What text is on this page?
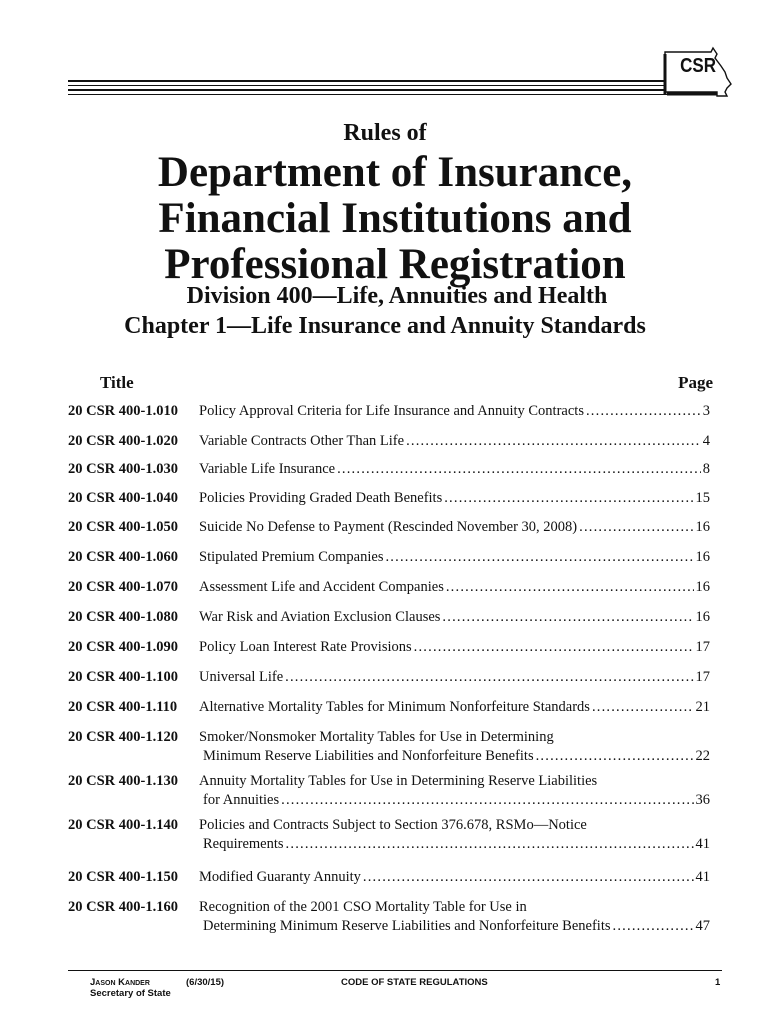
CSR
Rules of
Department of Insurance,
Financial Institutions and
Professional Registration
Division 400—Life, Annuities and Health
Chapter 1—Life Insurance and Annuity Standards
Title	Page
20 CSR 400-1.010 Policy Approval Criteria for Life Insurance and Annuity Contracts .....	3
20 CSR 400-1.020 Variable Contracts Other Than Life .....	4
20 CSR 400-1.030 Variable Life Insurance .....	8
20 CSR 400-1.040 Policies Providing Graded Death Benefits .....	15
20 CSR 400-1.050 Suicide No Defense to Payment (Rescinded November 30, 2008) .....	16
20 CSR 400-1.060 Stipulated Premium Companies .....	16
20 CSR 400-1.070 Assessment Life and Accident Companies .....	16
20 CSR 400-1.080 War Risk and Aviation Exclusion Clauses .....	16
20 CSR 400-1.090 Policy Loan Interest Rate Provisions .....	17
20 CSR 400-1.100 Universal Life .....	17
20 CSR 400-1.110 Alternative Mortality Tables for Minimum Nonforfeiture Standards .....	21
20 CSR 400-1.120 Smoker/Nonsmoker Mortality Tables for Use in Determining
Minimum Reserve Liabilities and Nonforfeiture Benefits .....	22
20 CSR 400-1.130 Annuity Mortality Tables for Use in Determining Reserve Liabilities
for Annuities .....	36
20 CSR 400-1.140 Policies and Contracts Subject to Section 376.678, RSMo—Notice
Requirements .....	41
20 CSR 400-1.150 Modified Guaranty Annuity .....	41
20 CSR 400-1.160 Recognition of the 2001 CSO Mortality Table for Use in
Determining Minimum Reserve Liabilities and Nonforfeiture Benefits .....	47
Jason Kander
Secretary of State
(6/30/15)	CODE OF STATE REGULATIONS	1
